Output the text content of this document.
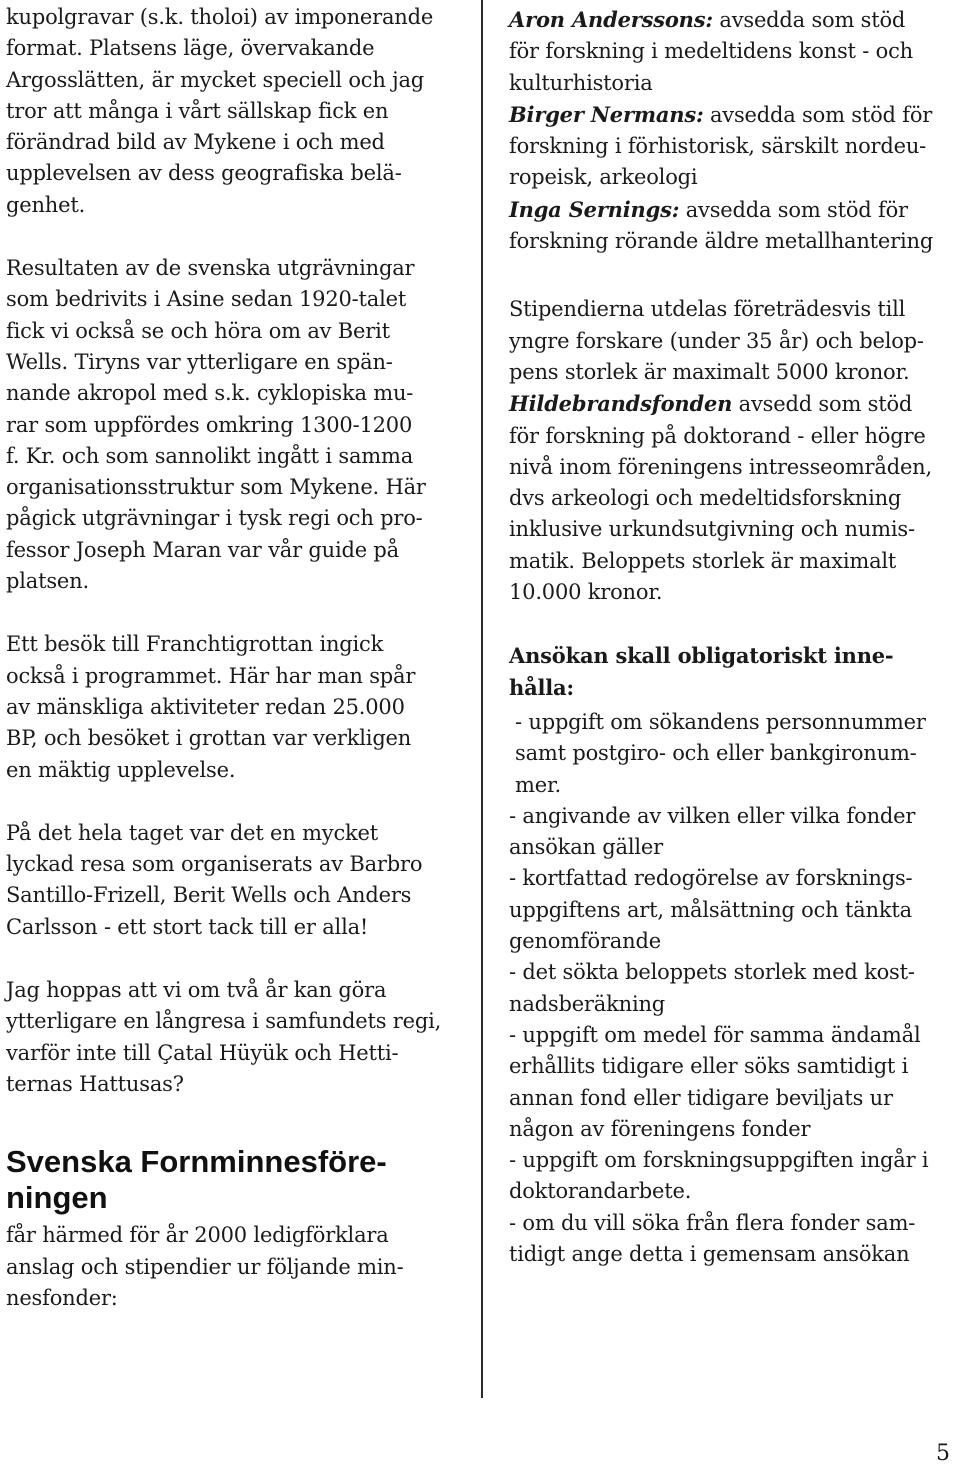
kupolgravar (s.k. tholoi) av imponerande
format. Platsens läge, övervakande
Argosslätten, är mycket speciell och jag
tror att många i vårt sällskap fick en
förändrad bild av Mykene i och med
upplevelsen av dess geografiska belä-
genhet.
Resultaten av de svenska utgrävningar
som bedrivits i Asine sedan 1920-talet
fick vi också se och höra om av Berit
Wells. Tiryns var ytterligare en spän-
nande akropol med s.k. cyklopiska mu-
rar som uppfördes omkring 1300-1200
f. Kr. och som sannolikt ingått i samma
organisationsstruktur som Mykene. Här
pågick utgrävningar i tysk regi och pro-
fessor Joseph Maran var vår guide på
platsen.
Ett besök till Franchtigrottan ingick
också i programmet. Här har man spår
av mänskliga aktiviteter redan 25.000
BP, och besöket i grottan var verkligen
en mäktig upplevelse.
På det hela taget var det en mycket
lyckad resa som organiserats av Barbro
Santillo-Frizell, Berit Wells och Anders
Carlsson - ett stort tack till er alla!
Jag hoppas att vi om två år kan göra
ytterligare en långresa i samfundets regi,
varför inte till Çatal Hüyük och Hetti-
ternas Hattusas?
Svenska Fornminnesföre-
ningen
får härmed för år 2000 ledigförklara
anslag och stipendier ur följande min-
nesfonder:
Aron Anderssons: avsedda som stöd
för forskning i medeltidens konst - och
kulturhistoria
Birger Nermans: avsedda som stöd för
forskning i förhistorisk, särskilt nordeu-
ropeisk, arkeologi
Inga Sernings: avsedda som stöd för
forskning rörande äldre metallhantering
Stipendierna utdelas företrädesvis till
yngre forskare (under 35 år) och belop-
pens storlek är maximalt 5000 kronor.
Hildebrandsfonden avsedd som stöd
för forskning på doktorand - eller högre
nivå inom föreningens intresseområden,
dvs arkeologi och medeltidsforskning
inklusive urkundsutgivning och numis-
matik. Beloppets storlek är maximalt
10.000 kronor.
Ansökan skall obligatoriskt inne-
hålla:
- uppgift om sökandens personnummer
samt postgiro- och eller bankgironum-
mer.
- angivande av vilken eller vilka fonder
ansökan gäller
- kortfattad redogörelse av forsknings-
uppgiftens art, målsättning och tänkta
genomförande
- det sökta beloppets storlek med kost-
nadsberäkning
- uppgift om medel för samma ändamål
erhållits tidigare eller söks samtidigt i
annan fond eller tidigare beviljats ur
någon av föreningens fonder
- uppgift om forskningsuppgiften ingår i
doktorandarbete.
- om du vill söka från flera fonder sam-
tidigt ange detta i gemensam ansökan
5
